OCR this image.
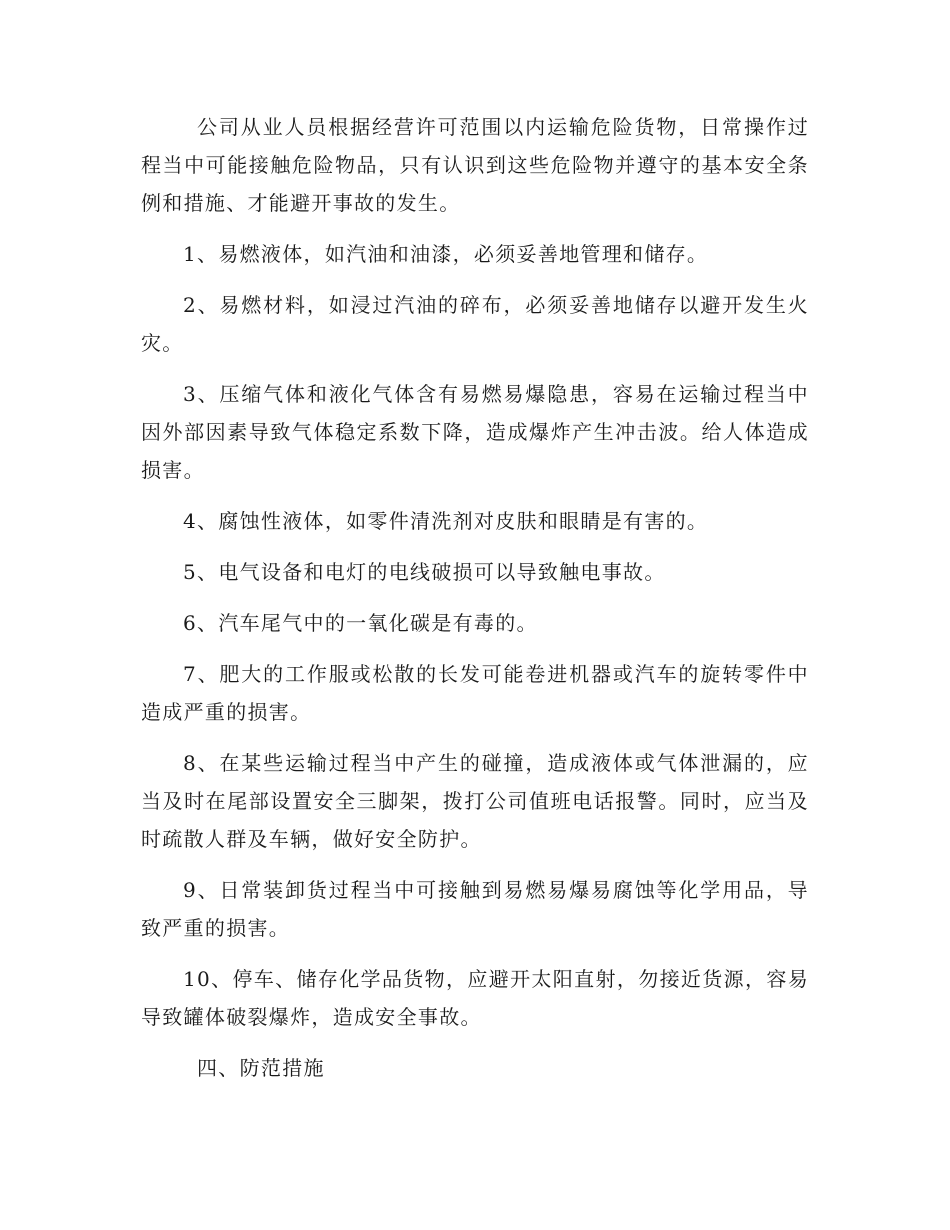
公司从业人员根据经营许可范围以内运输危险货物，日常操作过程当中可能接触危险物品，只有认识到这些危险物并遵守的基本安全条例和措施、才能避开事故的发生。

1、易燃液体，如汽油和油漆，必须妥善地管理和储存。

2、易燃材料，如浸过汽油的碎布，必须妥善地储存以避开发生火灾。

3、压缩气体和液化气体含有易燃易爆隐患，容易在运输过程当中因外部因素导致气体稳定系数下降，造成爆炸产生冲击波。给人体造成损害。

4、腐蚀性液体，如零件清洗剂对皮肤和眼睛是有害的。

5、电气设备和电灯的电线破损可以导致触电事故。

6、汽车尾气中的一氧化碳是有毒的。

7、肥大的工作服或松散的长发可能卷进机器或汽车的旋转零件中造成严重的损害。

8、在某些运输过程当中产生的碰撞，造成液体或气体泄漏的，应当及时在尾部设置安全三脚架，拨打公司值班电话报警。同时，应当及时疏散人群及车辆，做好安全防护。

9、日常装卸货过程当中可接触到易燃易爆易腐蚀等化学用品，导致严重的损害。

10、停车、储存化学品货物，应避开太阳直射，勿接近货源，容易导致罐体破裂爆炸，造成安全事故。

四、防范措施
